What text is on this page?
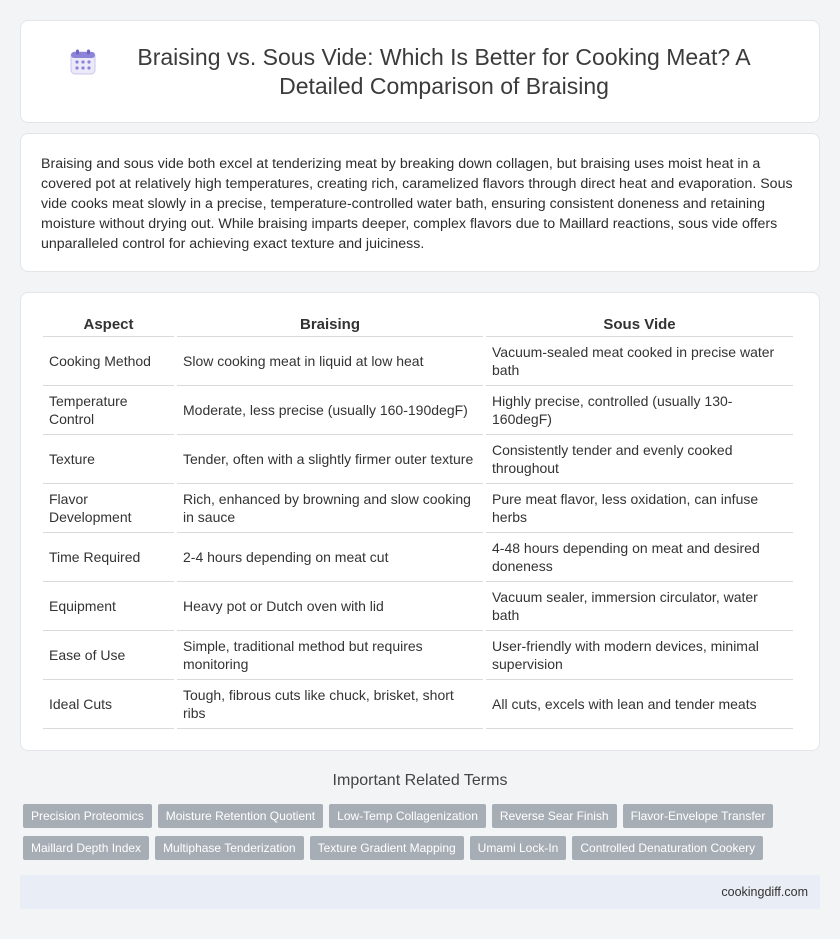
Braising vs. Sous Vide: Which Is Better for Cooking Meat? A Detailed Comparison of Braising

Braising and sous vide both excel at tenderizing meat by breaking down collagen, but braising uses moist heat in a covered pot at relatively high temperatures, creating rich, caramelized flavors through direct heat and evaporation. Sous vide cooks meat slowly in a precise, temperature-controlled water bath, ensuring consistent doneness and retaining moisture without drying out. While braising imparts deeper, complex flavors due to Maillard reactions, sous vide offers unparalleled control for achieving exact texture and juiciness.

Aspect	Braising	Sous Vide
Cooking Method	Slow cooking meat in liquid at low heat	Vacuum-sealed meat cooked in precise water bath
Temperature Control	Moderate, less precise (usually 160-190degF)	Highly precise, controlled (usually 130-160degF)
Texture	Tender, often with a slightly firmer outer texture	Consistently tender and evenly cooked throughout
Flavor Development	Rich, enhanced by browning and slow cooking in sauce	Pure meat flavor, less oxidation, can infuse herbs
Time Required	2-4 hours depending on meat cut	4-48 hours depending on meat and desired doneness
Equipment	Heavy pot or Dutch oven with lid	Vacuum sealer, immersion circulator, water bath
Ease of Use	Simple, traditional method but requires monitoring	User-friendly with modern devices, minimal supervision
Ideal Cuts	Tough, fibrous cuts like chuck, brisket, short ribs	All cuts, excels with lean and tender meats
Important Related Terms
Precision Proteomics	Moisture Retention Quotient	Low-Temp Collagenization	Reverse Sear Finish	Flavor-Envelope Transfer
Maillard Depth Index	Multiphase Tenderization	Texture Gradient Mapping	Umami Lock-In	Controlled Denaturation Cookery
cookingdiff.com
